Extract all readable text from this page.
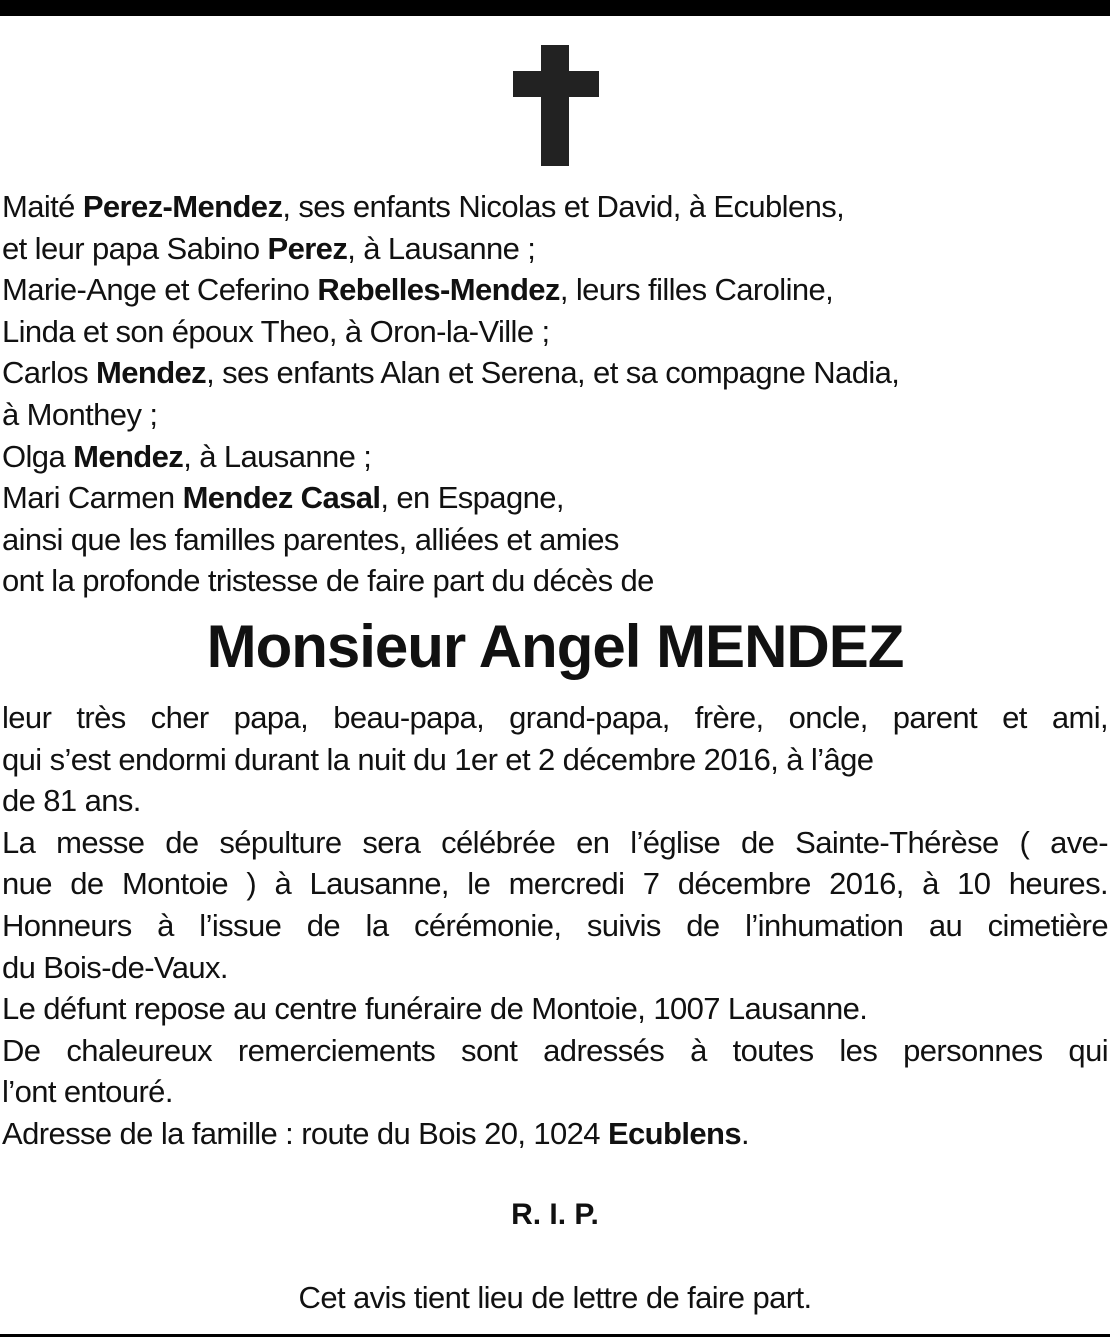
Maité Perez-Mendez, ses enfants Nicolas et David, à Ecublens,
et leur papa Sabino Perez, à Lausanne ;
Marie-Ange et Ceferino Rebelles-Mendez, leurs filles Caroline,
Linda et son époux Theo, à Oron-la-Ville ;
Carlos Mendez, ses enfants Alan et Serena, et sa compagne Nadia,
à Monthey ;
Olga Mendez, à Lausanne ;
Mari Carmen Mendez Casal, en Espagne,
ainsi que les familles parentes, alliées et amies
ont la profonde tristesse de faire part du décès de
Monsieur Angel MENDEZ
leur très cher papa, beau-papa, grand-papa, frère, oncle, parent et ami,
qui s’est endormi durant la nuit du 1er et 2 décembre 2016, à l’âge
de 81 ans.
La messe de sépulture sera célébrée en l’église de Sainte-Thérèse ( ave-
nue de Montoie ) à Lausanne, le mercredi 7 décembre 2016, à 10 heures.
Honneurs à l’issue de la cérémonie, suivis de l’inhumation au cimetière
du Bois-de-Vaux.
Le défunt repose au centre funéraire de Montoie, 1007 Lausanne.
De chaleureux remerciements sont adressés à toutes les personnes qui
l’ont entouré.
Adresse de la famille : route du Bois 20, 1024 Ecublens.
R. I. P.
Cet avis tient lieu de lettre de faire part.
